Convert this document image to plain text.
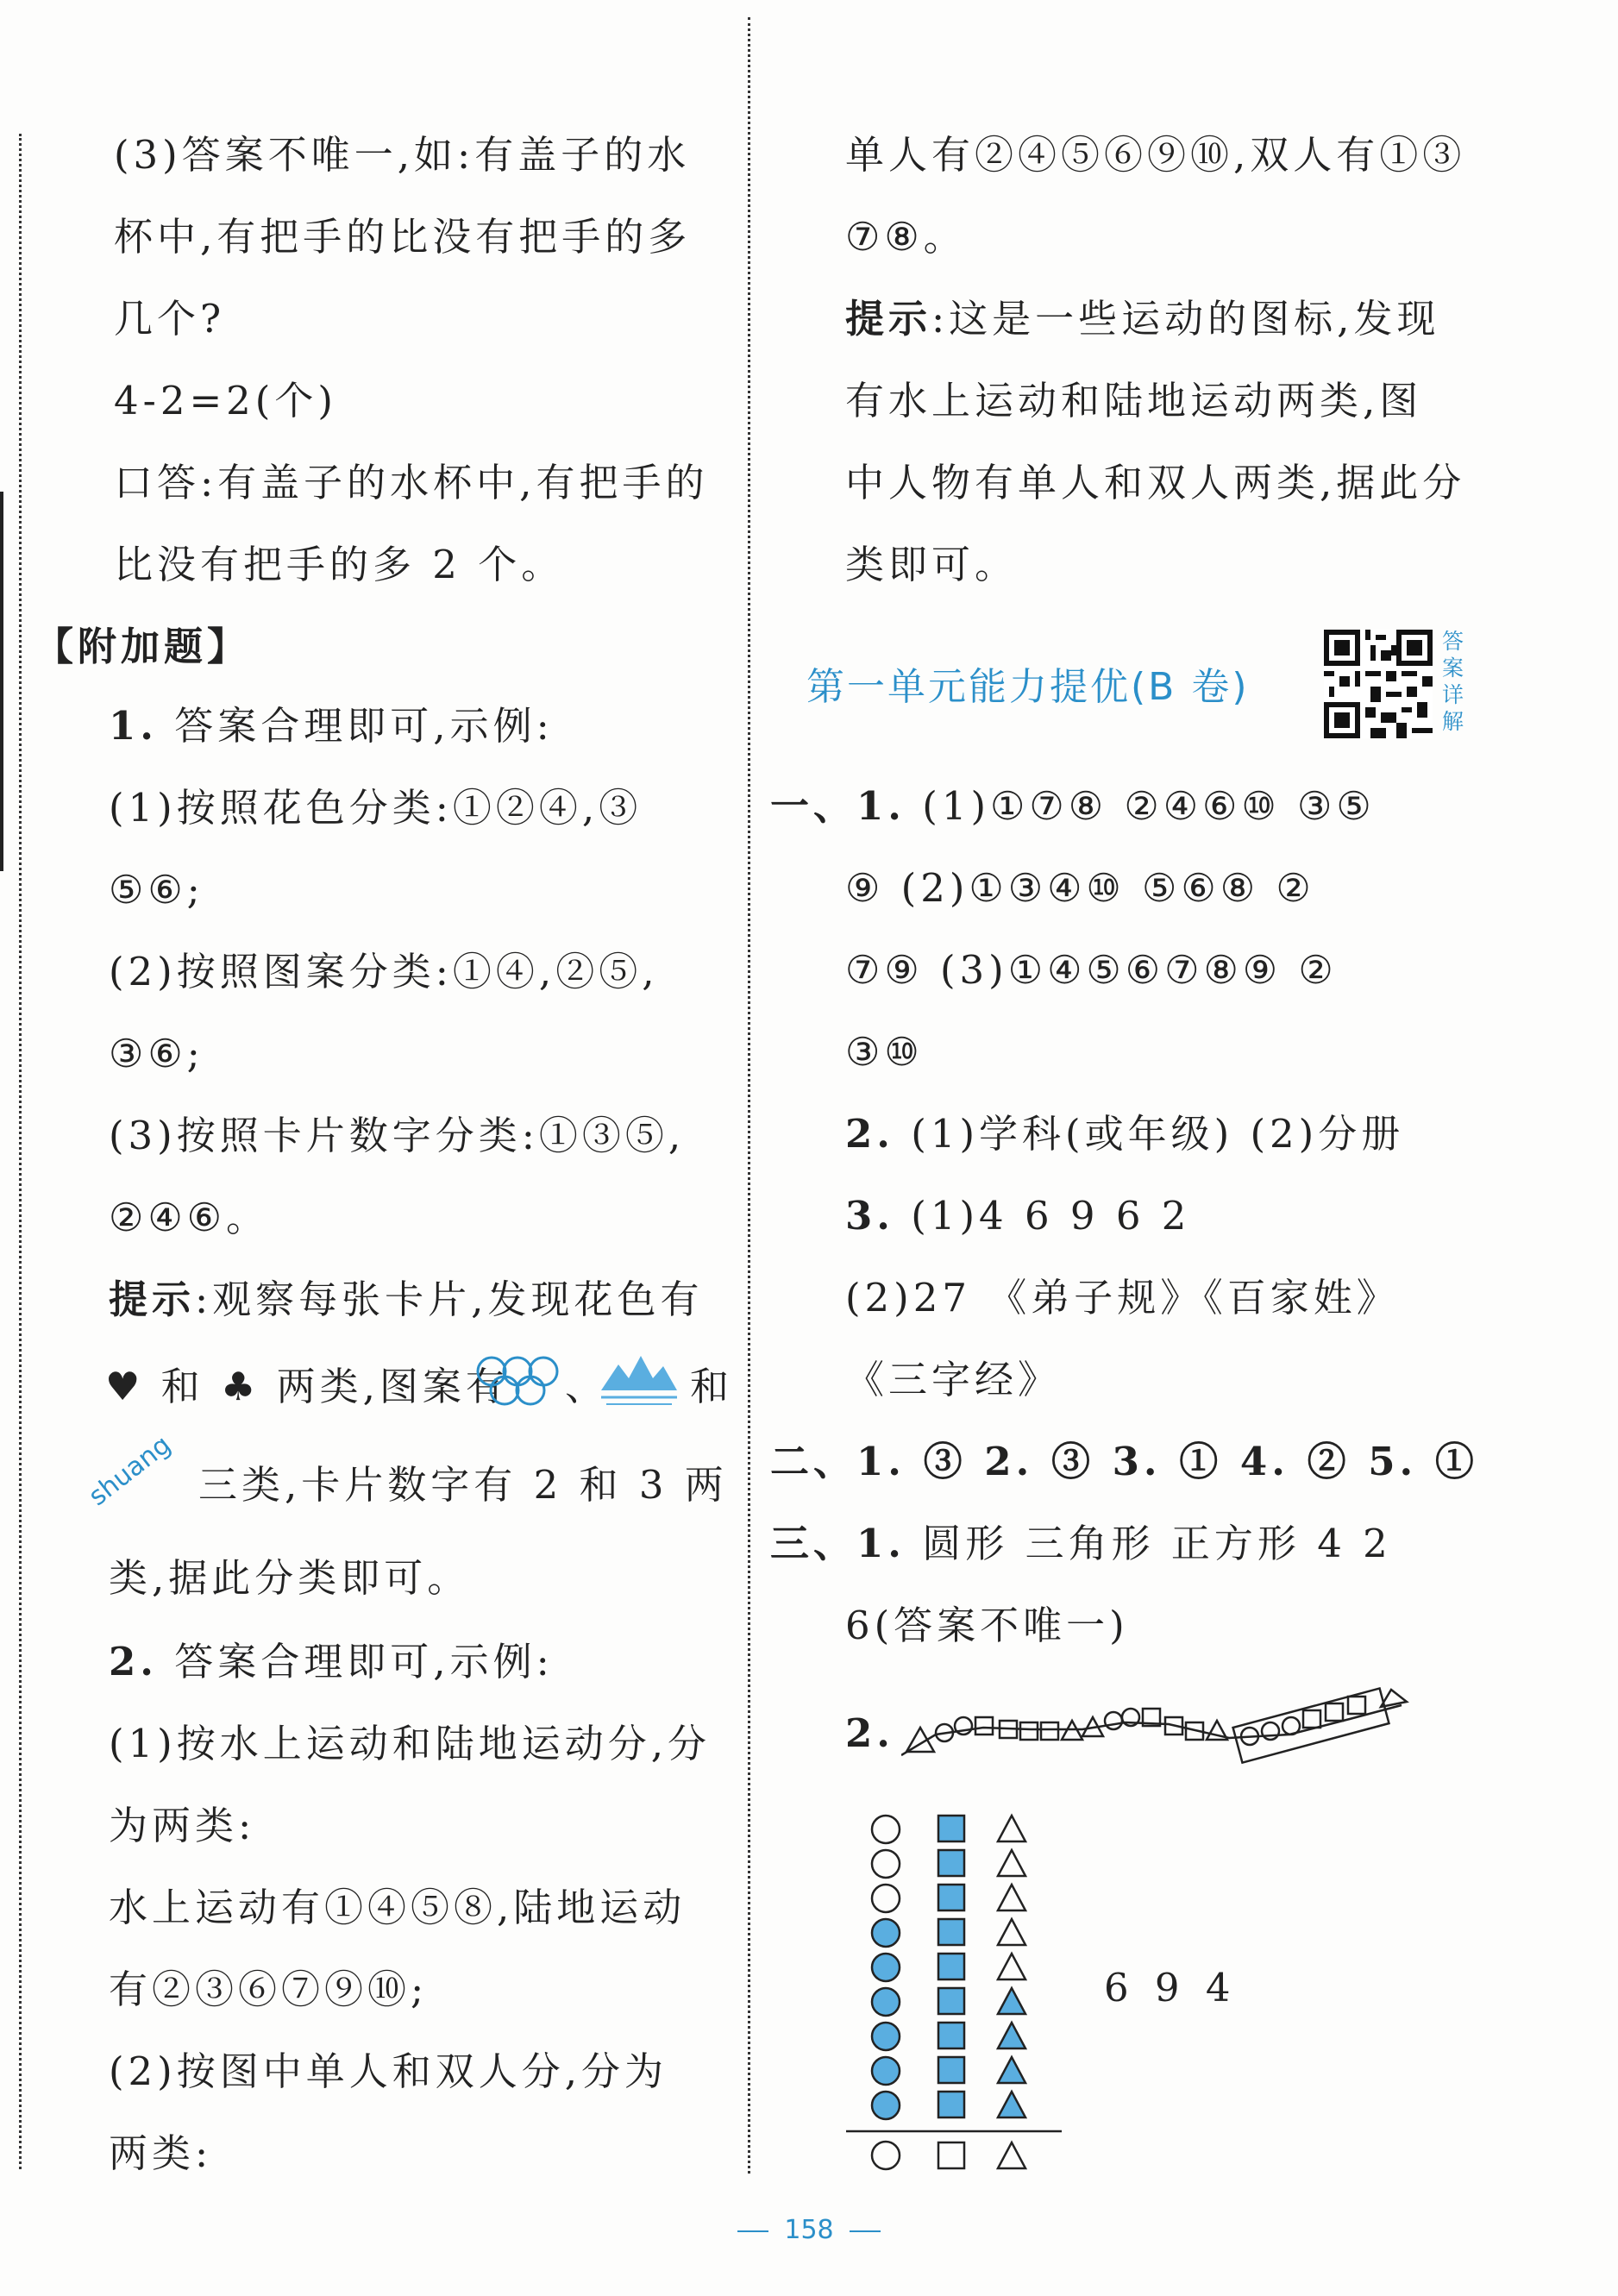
(3)答案不唯一,如:有盖子的水
杯中,有把手的比没有把手的多
几个?
4-2=2(个)
口答:有盖子的水杯中,有把手的
比没有把手的多 2 个。
【附加题】
1. 答案合理即可,示例:
(1)按照花色分类:①②④,③
⑤⑥;
(2)按照图案分类:①④,②⑤,
③⑥;
(3)按照卡片数字分类:①③⑤,
②④⑥。
提示:观察每张卡片,发现花色有
♥ 和 ♣ 两类,图案有 、 和
shuang 三类,卡片数字有 2 和 3 两
类,据此分类即可。
2. 答案合理即可,示例:
(1)按水上运动和陆地运动分,分
为两类:
水上运动有①④⑤⑧,陆地运动
有②③⑥⑦⑨⑩;
(2)按图中单人和双人分,分为
两类:
单人有②④⑤⑥⑨⑩,双人有①③
⑦⑧。
提示:这是一些运动的图标,发现
有水上运动和陆地运动两类,图
中人物有单人和双人两类,据此分
类即可。
第一单元能力提优(B 卷)
答
案
详
解
一、1. (1)①⑦⑧ ②④⑥⑩ ③⑤
⑨ (2)①③④⑩ ⑤⑥⑧ ②
⑦⑨ (3)①④⑤⑥⑦⑧⑨ ②
③⑩
2. (1)学科(或年级) (2)分册
3. (1)4 6 9 6 2
(2)27 《弟子规》《百家姓》
《三字经》
二、1. ③ 2. ③ 3. ① 4. ② 5. ①
三、1. 圆形 三角形 正方形 4 2
6(答案不唯一)
2.
6 9 4
158
